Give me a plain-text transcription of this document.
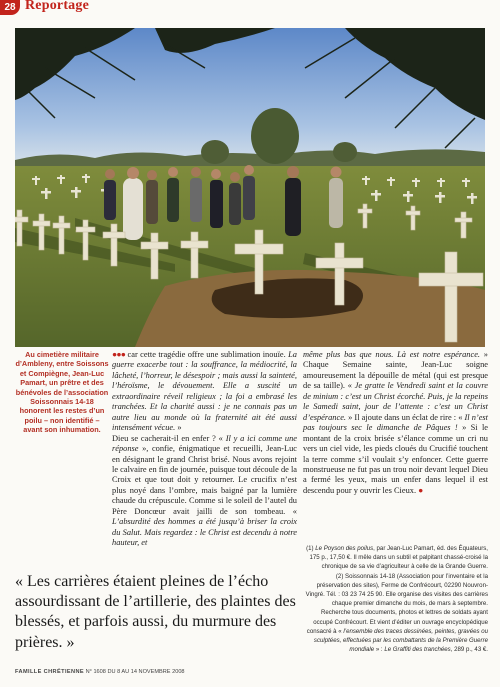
28 Reportage
Au cimetière militaire d’Ambleny, entre Soissons et Compiègne, Jean-Luc Pamart, un prêtre et des bénévoles de l’association Soissonnais 14-18 honorent les restes d’un poilu – non identifié – avant son inhumation.

●●● car cette tragédie offre une sublimation inouïe. La guerre exacerbe tout : la souffrance, la médiocrité, la lâcheté, l’horreur, le désespoir ; mais aussi la sainteté, l’héroïsme, le dévouement. Elle a suscité un extraordinaire réveil religieux ; la foi a embrasé les tranchées. Et la charité aussi : je ne connais pas un autre lieu au monde où la fraternité ait été aussi intensément vécue. »
Dieu se cacherait-il en enfer ? « Il y a ici comme une réponse », confie, énigmatique et recueilli, Jean-Luc en désignant le grand Christ brisé. Nous avons rejoint le calvaire en fin de journée, puisque tout découle de la Croix et que tout doit y retourner. Le crucifix n’est plus noyé dans l’ombre, mais baigné par la lumière chaude du crépuscule. Comme si le soleil de l’autel du Père Doncœur avait jailli de son tombeau. « L’absurdité des hommes a été jusqu’à briser la croix du Salut. Mais regardez : le Christ est decendu à notre hauteur, et

même plus bas que nous. Là est notre espérance. » Chaque Semaine sainte, Jean-Luc soigne amoureusement la dépouille de métal (qui est presque de sa taille). « Je gratte le Vendredi saint et la couvre de minium : c’est un Christ écorché. Puis, je la repeins le Samedi saint, jour de l’attente : c’est un Christ d’espérance. » Il ajoute dans un éclat de rire : « Il n’est pas toujours sec le dimanche de Pâques ! » Si le montant de la croix brisée s’élance comme un cri nu vers un ciel vide, les pieds cloués du Crucifié touchent la terre comme s’il voulait s’y enfoncer. Cette guerre monstrueuse ne fut pas un trou noir devant lequel Dieu a fermé les yeux, mais un enfer dans lequel il est descendu pour y ouvrir les Cieux. ●

(1) Le Poyson des poilus, par Jean-Luc Pamart, éd. des Équateurs, 175 p., 17,50 €. Il mêle dans un subtil et palpitant chassé-croisé la chronique de sa vie d’agriculteur à celle de la Grande Guerre.

(2) Soissonnais 14-18 (Association pour l’inventaire et la préservation des sites), Ferme de Confrécourt, 02290 Nouvron-Vingré. Tél. : 03 23 74 25 90. Elle organise des visites des carrières chaque premier dimanche du mois, de mars à septembre. Recherche tous documents, photos et lettres de soldats ayant occupé Confrécourt. Et vient d’éditer un ouvrage encyclopédique consacré à « l’ensemble des traces dessinées, peintes, gravées ou sculptées, effectuées par les combattants de la Première Guerre mondiale » : Le Graffiti des tranchées, 289 p., 43 €.

« Les carrières étaient pleines de l’écho assourdissant de l’artillerie, des plaintes des blessés, et parfois aussi, du murmure des prières. »
FAMILLE CHRÉTIENNE N° 1608 DU 8 AU 14 NOVEMBRE 2008
